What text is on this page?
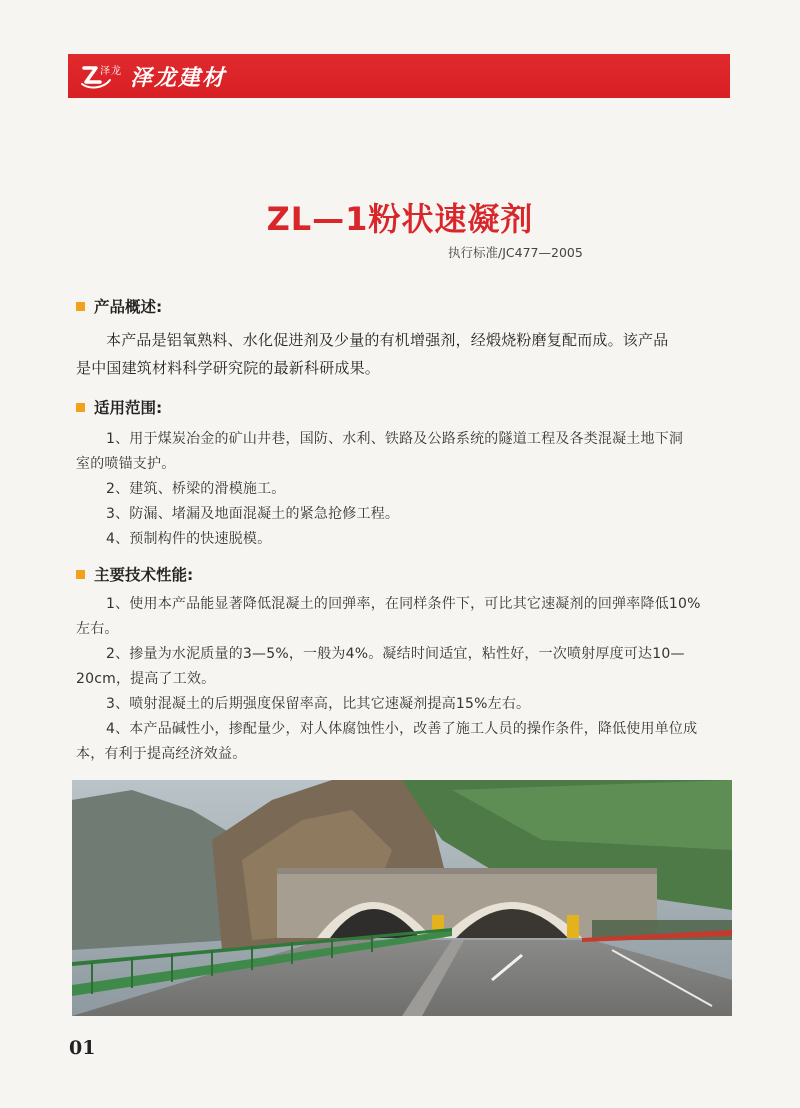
泽龙 泽龙建材
ZL—1粉状速凝剂
执行标准/JC477—2005
产品概述:
本产品是铝氧熟料、水化促进剂及少量的有机增强剂，经煅烧粉磨复配而成。该产品
是中国建筑材料科学研究院的最新科研成果。
适用范围:
1、用于煤炭冶金的矿山井巷，国防、水利、铁路及公路系统的隧道工程及各类混凝土地下洞
室的喷锚支护。
2、建筑、桥梁的滑模施工。
3、防漏、堵漏及地面混凝土的紧急抢修工程。
4、预制构件的快速脱模。
主要技术性能:
1、使用本产品能显著降低混凝土的回弹率，在同样条件下，可比其它速凝剂的回弹率降低10%
左右。
2、掺量为水泥质量的3—5%，一般为4%。凝结时间适宜，粘性好，一次喷射厚度可达10—
20cm，提高了工效。
3、喷射混凝土的后期强度保留率高，比其它速凝剂提高15%左右。
4、本产品碱性小，掺配量少，对人体腐蚀性小，改善了施工人员的操作条件，降低使用单位成
本，有利于提高经济效益。
01
